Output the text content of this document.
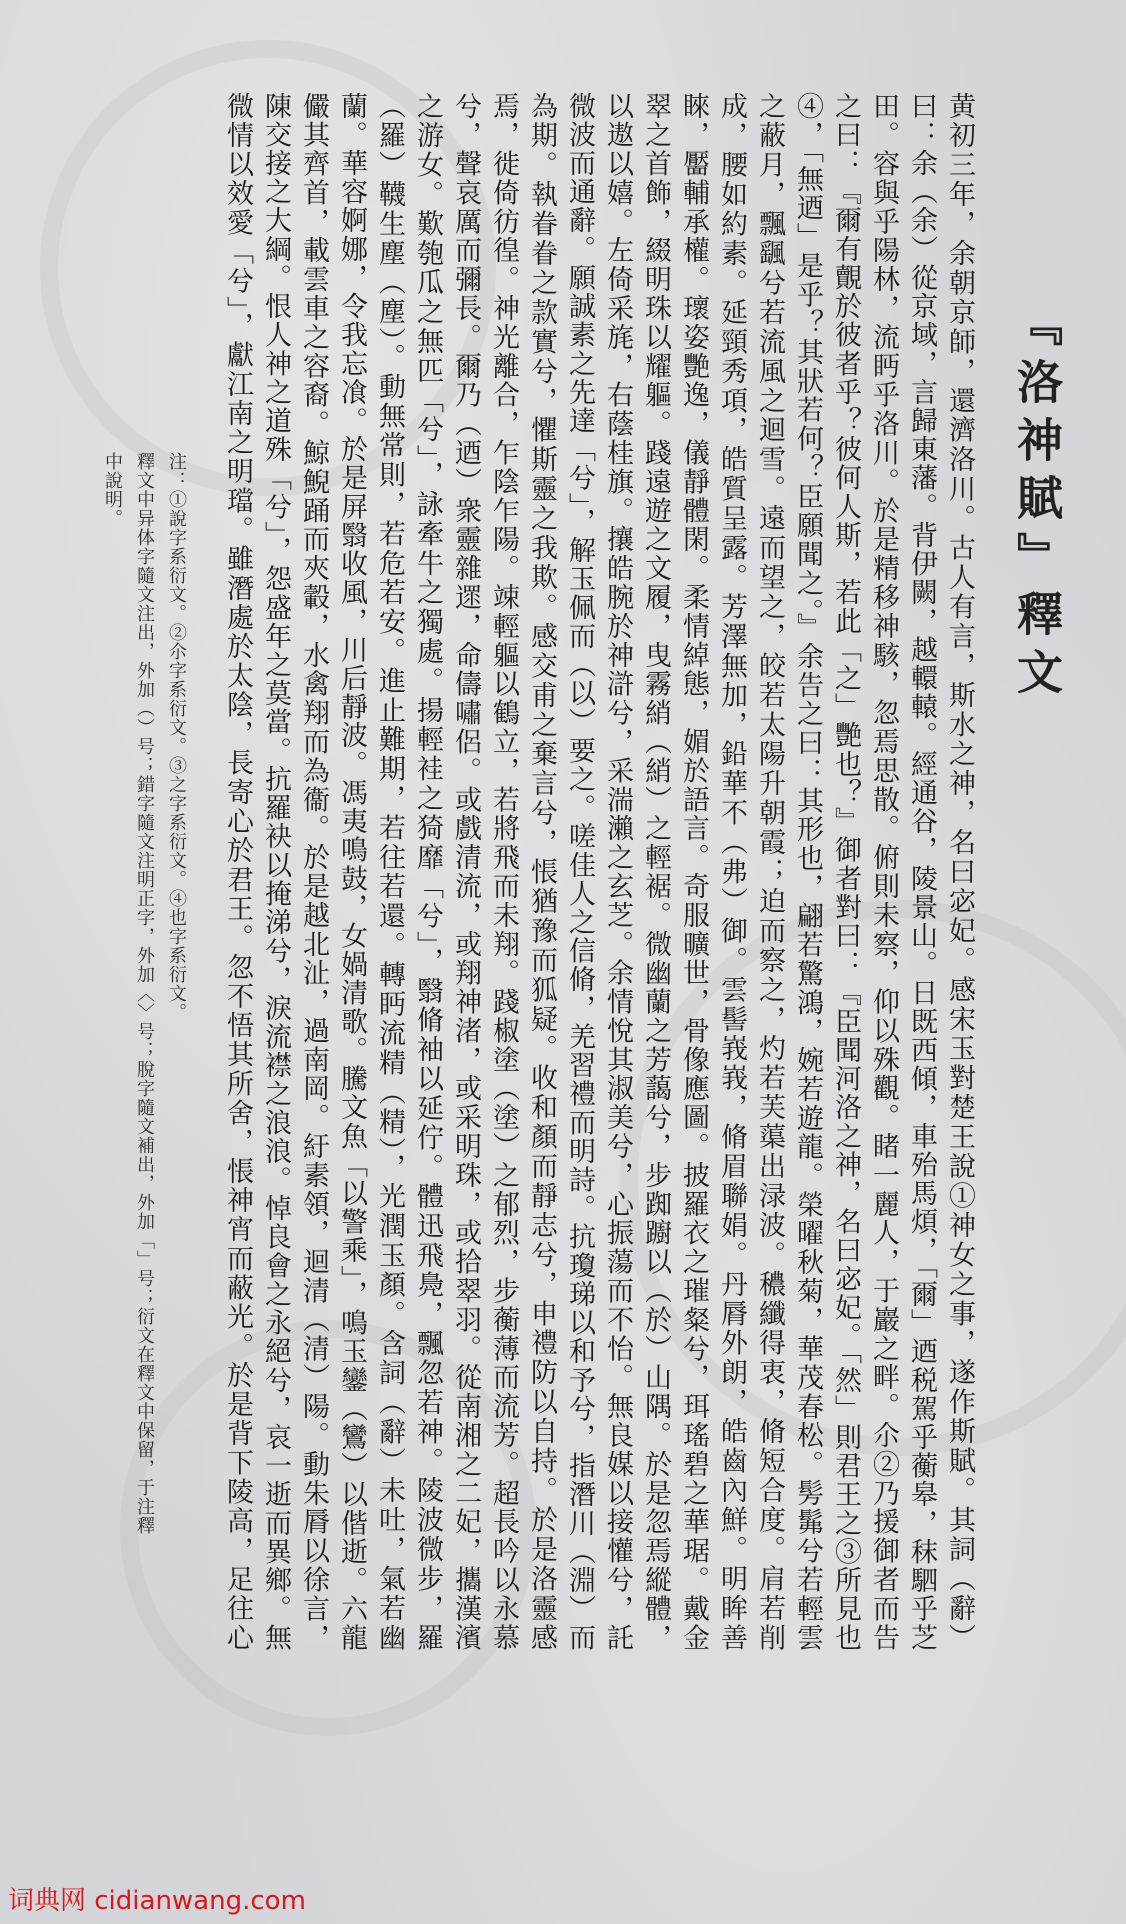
『洛神賦』釋文
黄初三年，余朝京師，還濟洛川。古人有言，斯水之神，名曰宓妃。感宋玉對楚王說①神女之事，遂作斯賦。其詞（辭）曰：余（余）從京域，言歸東藩。背伊闕，越轘轅。經通谷，陵景山。日既西傾，車殆馬煩，「爾」迺税駕乎蘅皋，秣駟乎芝田。容與乎陽林，流眄乎洛川。於是精移神駭，忽焉思散。俯則未察，仰以殊觀。睹一麗人，于巖之畔。尒②乃援御者而告之曰：『爾有覿於彼者乎？彼何人斯，若此「之」艷也？』御者對曰：『臣聞河洛之神，名曰宓妃。「然」則君王之③所見也④，「無迺」是乎？其狀若何？臣願聞之。』余告之曰：其形也，翩若驚鴻，婉若遊龍。榮曜秋菊，華茂春松。髣髴兮若輕雲之蔽月，飄颻兮若流風之迴雪。遠而望之，皎若太陽升朝霞；迫而察之，灼若芙蕖出渌波。穠纖得衷，脩短合度。肩若削成，腰如約素。延頸秀項，皓質呈露。芳澤無加，鉛華不（弗）御。雲髻峩峩，脩眉聯娟。丹脣外朗，皓齒內鮮。明眸善睞，靨輔承權。瓌姿艷逸，儀靜體閑。柔情綽態，媚於語言。奇服曠世，骨像應圖。披羅衣之璀粲兮，珥瑤碧之華琚。戴金翠之首飾，綴明珠以耀軀。踐遠遊之文履，曳霧綃（綃）之輕裾。微幽蘭之芳藹兮，步踟躕以（於）山隅。於是忽焉縱體，以遨以嬉。左倚采旄，右蔭桂旗。攘皓腕於神滸兮，采湍瀨之玄芝。余情悅其淑美兮，心振蕩而不怡。無良媒以接懽兮，託微波而通辭。願誠素之先達「兮」，解玉佩而（以）要之。嗟佳人之信脩，羌習禮而明詩。抗瓊珶以和予兮，指潛川（淵）而為期。執眷眷之款實兮，懼斯靈之我欺。感交甫之棄言兮，悵猶豫而狐疑。收和顏而靜志兮，申禮防以自持。於是洛靈感焉，徙倚彷徨。神光離合，乍陰乍陽。竦輕軀以鶴立，若將飛而未翔。踐椒塗（塗）之郁烈，步蘅薄而流芳。超長吟以永慕兮，聲哀厲而彌長。爾乃（迺）衆靈雜遝，命儔嘯侶。或戲清流，或翔神渚，或采明珠，或拾翠羽。從南湘之二妃，攜漢濱之游女。歎匏瓜之無匹「兮」，詠牽牛之獨處。揚輕袿之猗靡「兮」，翳脩袖以延佇。體迅飛鳧，飄忽若神。陵波微步，羅（羅）韈生塵（塵）。動無常則，若危若安。進止難期，若往若還。轉眄流精（精），光潤玉顏。含詞（辭）未吐，氣若幽蘭。華容婀娜，令我忘飡。於是屏翳收風，川后靜波。馮夷鳴鼓，女媧清歌。騰文魚「以警乘」，鳴玉鑾（鸞）以偕逝。六龍儼其齊首，載雲車之容裔。鯨鯢踊而夾轂，水禽翔而為衞。於是越北沚，過南岡。紆素領，迴清（清）陽。動朱脣以徐言，陳交接之大綱。恨人神之道殊「兮」，怨盛年之莫當。抗羅袂以掩涕兮，淚流襟之浪浪。悼良會之永絕兮，哀一逝而異鄉。無微情以效愛「兮」，獻江南之明璫。雖潛處於太陰，長寄心於君王。忽不悟其所舍，悵神宵而蔽光。於是背下陵高，足往心

注：①說字系衍文。②尒字系衍文。③之字系衍文。④也字系衍文。

釋文中异体字隨文注出，外加（）号；錯字隨文注明正字，外加〈〉号；脫字隨文補出，外加「」号；衍文在釋文中保留，于注釋

中說明。

词典网 cidianwang.com
